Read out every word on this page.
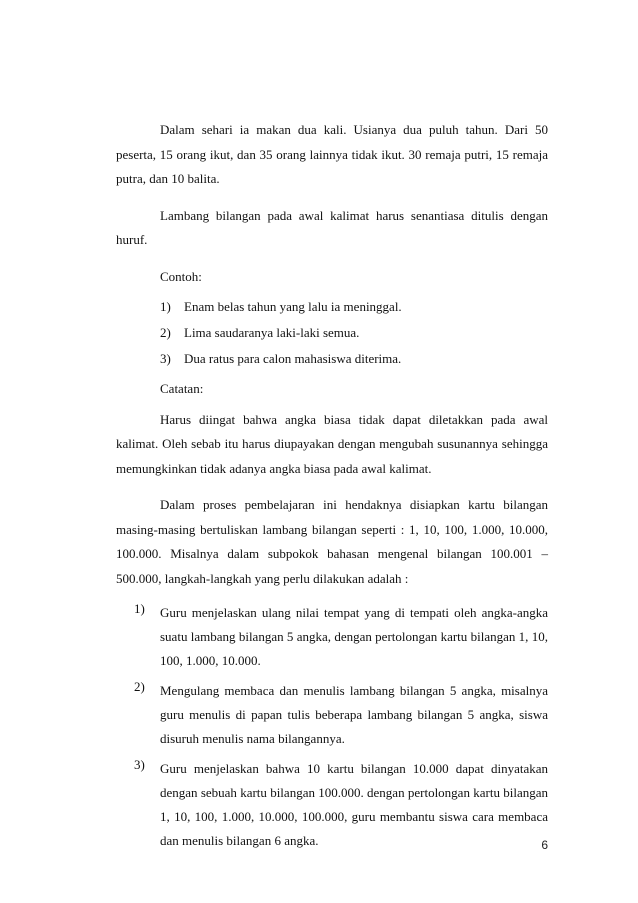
Dalam sehari ia makan dua kali. Usianya dua puluh tahun. Dari 50 peserta, 15 orang ikut, dan 35 orang lainnya tidak ikut. 30 remaja putri, 15 remaja putra, dan 10 balita.

Lambang bilangan pada awal kalimat harus senantiasa ditulis dengan huruf.

Contoh:
1)	Enam belas tahun yang lalu ia meninggal.
2)	Lima saudaranya laki-laki semua.
3)	Dua ratus para calon mahasiswa diterima.
Catatan:

Harus diingat bahwa angka biasa tidak dapat diletakkan pada awal kalimat. Oleh sebab itu harus diupayakan dengan mengubah susunannya sehingga memungkinkan tidak adanya angka biasa pada awal kalimat.

Dalam proses pembelajaran ini hendaknya disiapkan kartu bilangan masing-masing bertuliskan lambang bilangan seperti : 1, 10, 100, 1.000, 10.000, 100.000. Misalnya dalam subpokok bahasan mengenal bilangan 100.001 – 500.000, langkah-langkah yang perlu dilakukan adalah :

1)	Guru menjelaskan ulang nilai tempat yang di tempati oleh angka-angka suatu lambang bilangan 5 angka, dengan pertolongan kartu bilangan 1, 10, 100, 1.000, 10.000.
2)	Mengulang membaca dan menulis lambang bilangan 5 angka, misalnya guru menulis di papan tulis beberapa lambang bilangan 5 angka, siswa disuruh menulis nama bilangannya.
3)	Guru menjelaskan bahwa 10 kartu bilangan 10.000 dapat dinyatakan dengan sebuah kartu bilangan 100.000. dengan pertolongan kartu bilangan 1, 10, 100, 1.000, 10.000, 100.000, guru membantu siswa cara membaca dan menulis bilangan 6 angka.	6
